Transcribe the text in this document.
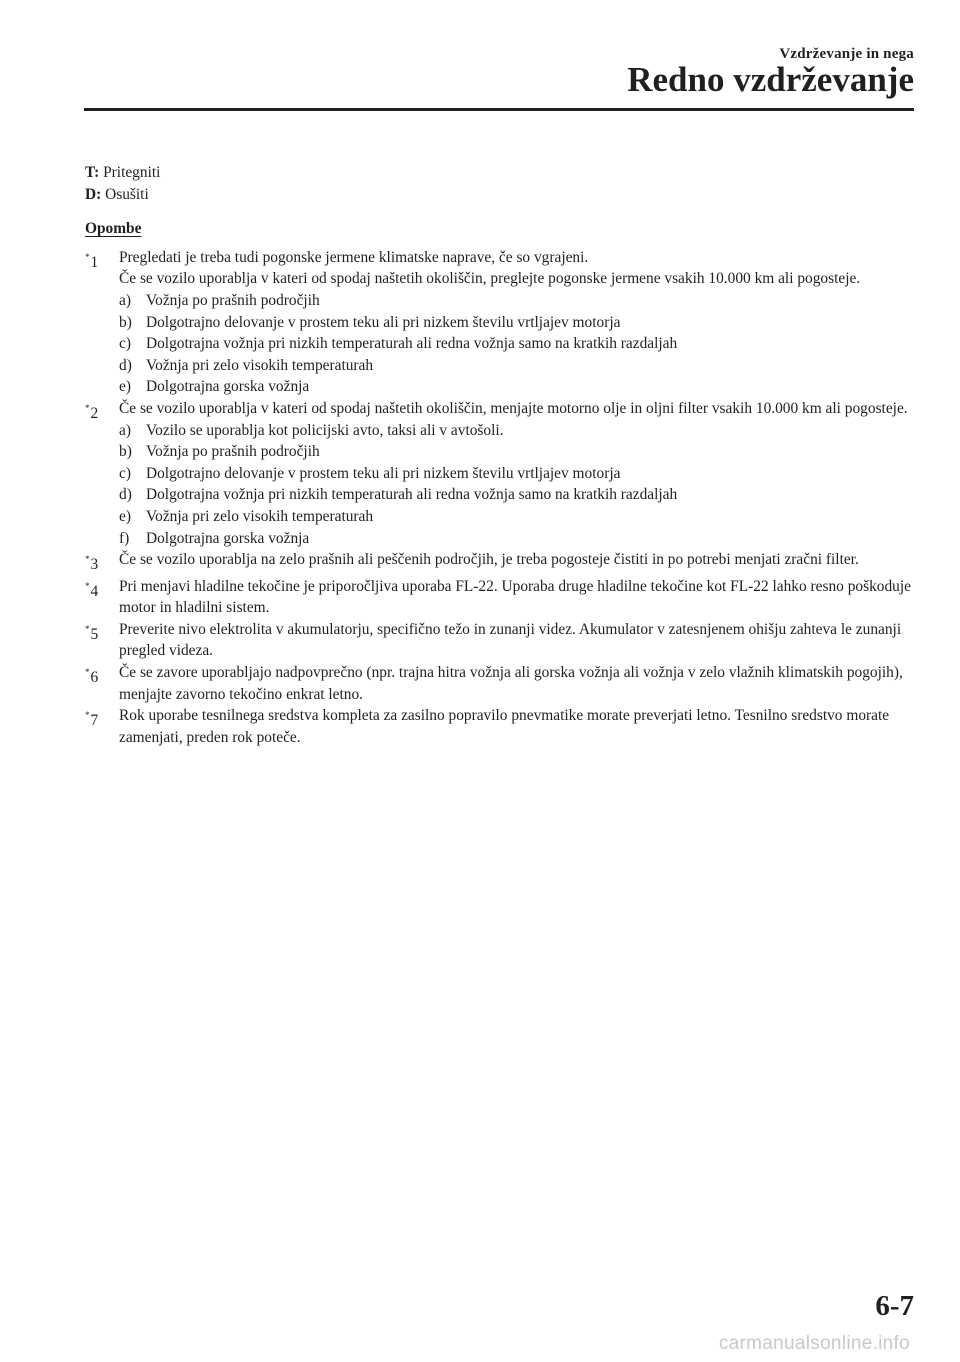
Vzdrževanje in nega
Redno vzdrževanje
T: Pritegniti
D: Osušiti
Opombe
*1	Pregledati je treba tudi pogonske jermene klimatske naprave, če so vgrajeni.
Če se vozilo uporablja v kateri od spodaj naštetih okoliščin, preglejte pogonske jermene vsakih 10.000 km ali pogosteje.
a) Vožnja po prašnih področjih
b) Dolgotrajno delovanje v prostem teku ali pri nizkem številu vrtljajev motorja
c) Dolgotrajna vožnja pri nizkih temperaturah ali redna vožnja samo na kratkih razdaljah
d) Vožnja pri zelo visokih temperaturah
e) Dolgotrajna gorska vožnja
*2	Če se vozilo uporablja v kateri od spodaj naštetih okoliščin, menjajte motorno olje in oljni filter vsakih 10.000 km ali pogosteje.
a) Vozilo se uporablja kot policijski avto, taksi ali v avtošoli.
b) Vožnja po prašnih področjih
c) Dolgotrajno delovanje v prostem teku ali pri nizkem številu vrtljajev motorja
d) Dolgotrajna vožnja pri nizkih temperaturah ali redna vožnja samo na kratkih razdaljah
e) Vožnja pri zelo visokih temperaturah
f)	Dolgotrajna gorska vožnja
*3	Če se vozilo uporablja na zelo prašnih ali peščenih področjih, je treba pogosteje čistiti in po potrebi menjati zračni filter.
*4	Pri menjavi hladilne tekočine je priporočljiva uporaba FL-22. Uporaba druge hladilne tekočine kot FL-22 lahko resno poškoduje motor in hladilni sistem.
*5	Preverite nivo elektrolita v akumulatorju, specifično težo in zunanji videz. Akumulator v zatesnjenem ohišju zahteva le zunanji pregled videza.
*6	Če se zavore uporabljajo nadpovprečno (npr. trajna hitra vožnja ali gorska vožnja ali vožnja v zelo vlažnih klimatskih pogojih), menjajte zavorno tekočino enkrat letno.
*7	Rok uporabe tesnilnega sredstva kompleta za zasilno popravilo pnevmatike morate preverjati letno. Tesnilno sredstvo morate zamenjati, preden rok poteče.
6-7
carmanualsonline.info
